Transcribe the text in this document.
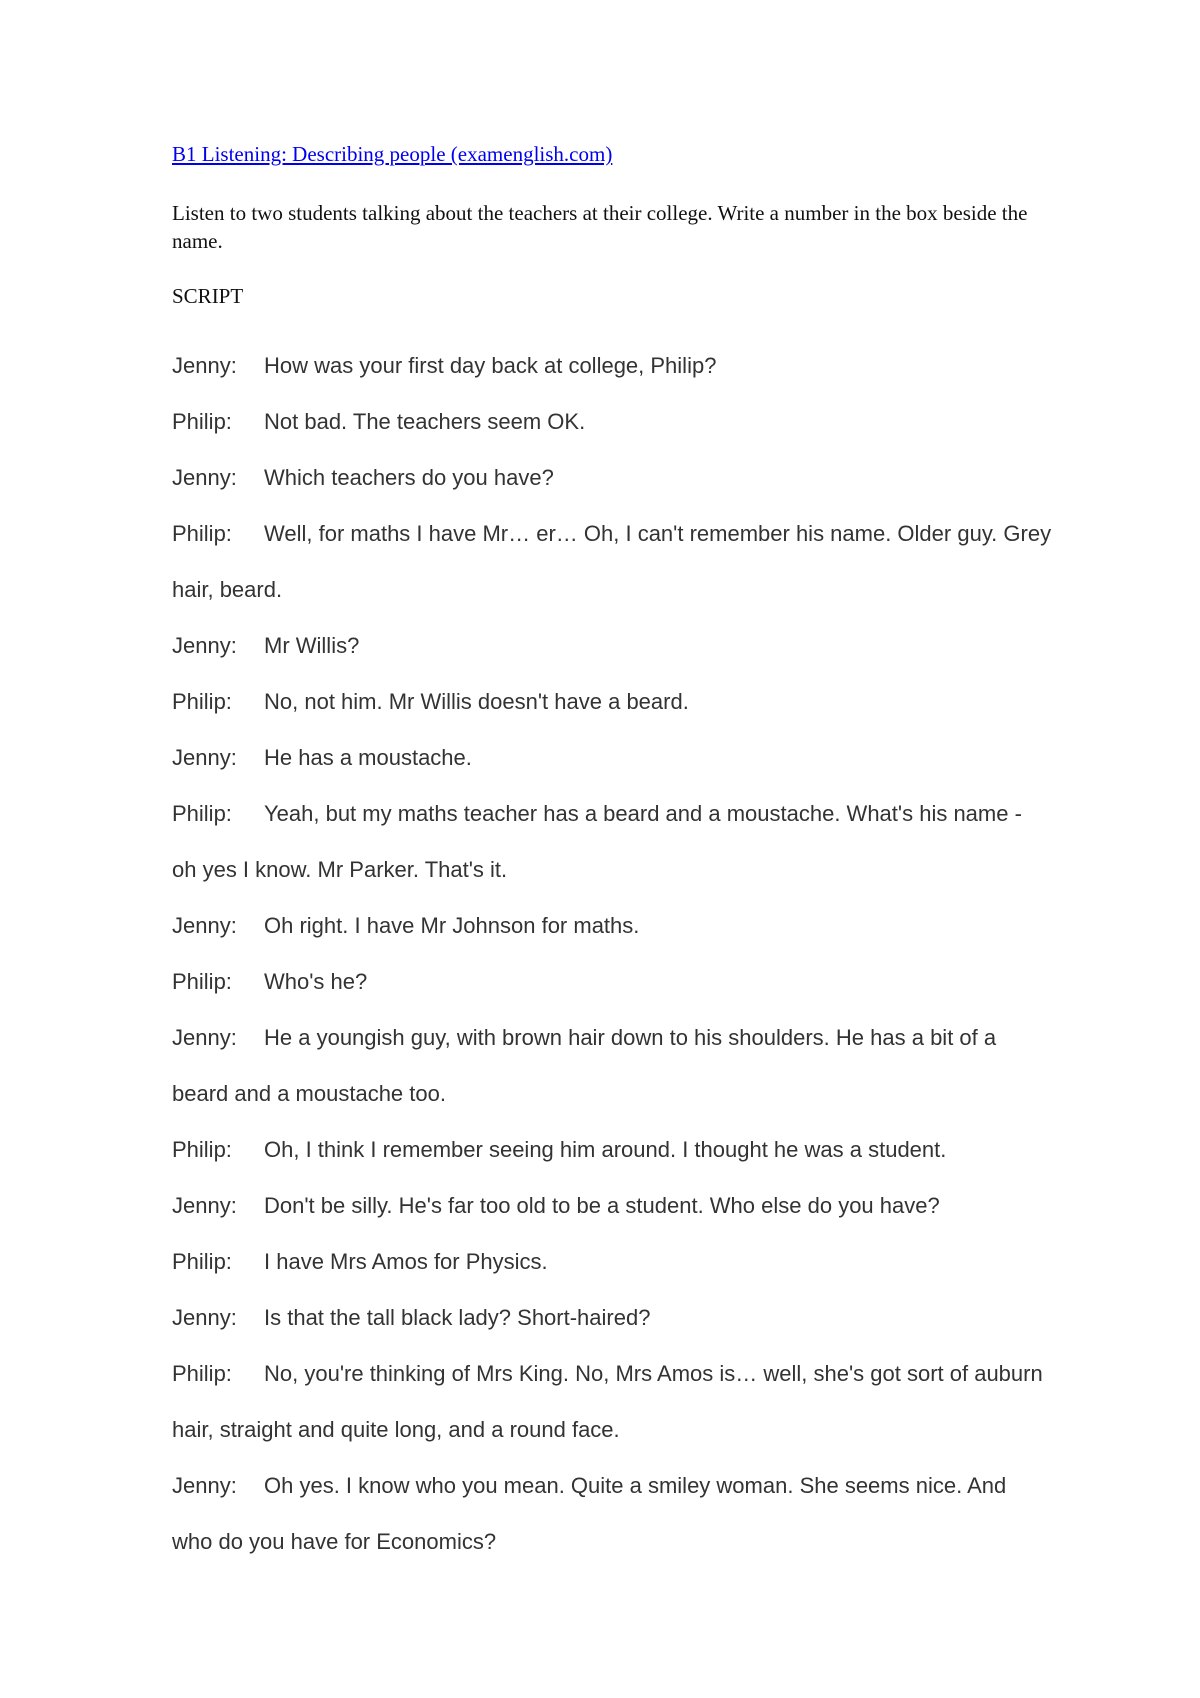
B1 Listening: Describing people (examenglish.com)
Listen to two students talking about the teachers at their college. Write a number in the box beside the name.
SCRIPT
Jenny: How was your first day back at college, Philip?
Philip: Not bad. The teachers seem OK.
Jenny: Which teachers do you have?
Philip: Well, for maths I have Mr… er… Oh, I can't remember his name. Older guy. Grey hair, beard.
Jenny: Mr Willis?
Philip: No, not him. Mr Willis doesn't have a beard.
Jenny: He has a moustache.
Philip: Yeah, but my maths teacher has a beard and a moustache. What's his name - oh yes I know. Mr Parker. That's it.
Jenny: Oh right. I have Mr Johnson for maths.
Philip: Who's he?
Jenny: He a youngish guy, with brown hair down to his shoulders. He has a bit of a beard and a moustache too.
Philip: Oh, I think I remember seeing him around. I thought he was a student.
Jenny: Don't be silly. He's far too old to be a student. Who else do you have?
Philip: I have Mrs Amos for Physics.
Jenny: Is that the tall black lady? Short-haired?
Philip: No, you're thinking of Mrs King. No, Mrs Amos is… well, she's got sort of auburn hair, straight and quite long, and a round face.
Jenny: Oh yes. I know who you mean. Quite a smiley woman. She seems nice. And who do you have for Economics?
